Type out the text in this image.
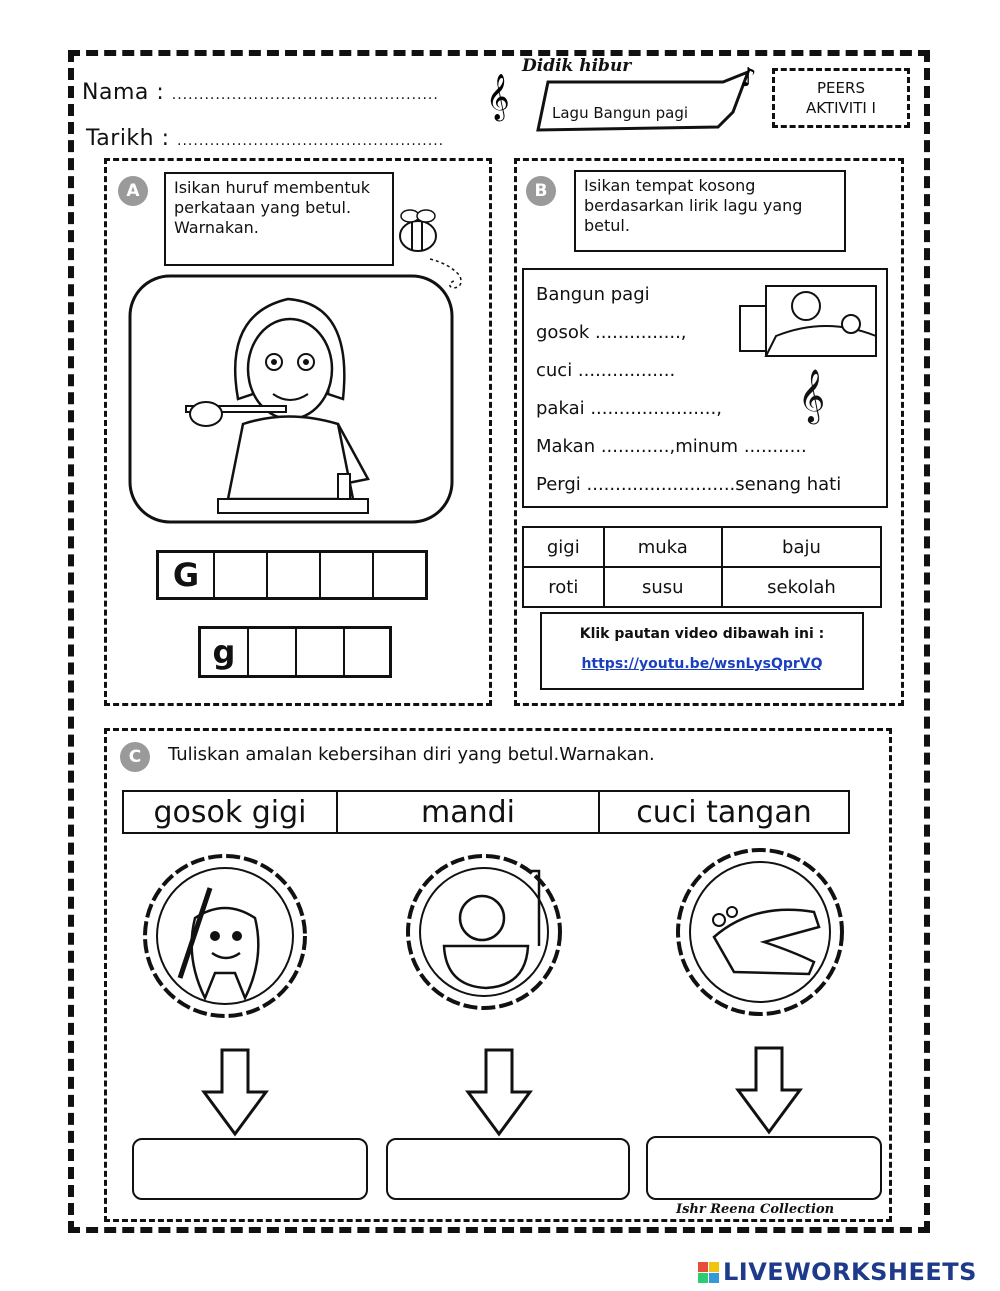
Nama : .................................................
Tarikh : .................................................
𝄞	♪
Didik hibur
Lagu Bangun pagi
PEERS
AKTIVITI I
A	Isikan huruf membentuk
perkataan yang betul.
Warnakan.
G
g
B	Isikan tempat kosong
berdasarkan lirik lagu yang
betul.
Bangun pagi
gosok ...............,
cuci .................
pakai ......................,
Makan ............,minum ...........
Pergi ..........................senang hati
𝄞
gigi	muka	baju
roti	susu	sekolah
Klik pautan video dibawah ini :
https://youtu.be/wsnLysQprVQ
C	Tuliskan amalan kebersihan diri yang betul.Warnakan.
gosok gigi	mandi	cuci tangan
Ishr Reena Collection
LIVEWORKSHEETS
